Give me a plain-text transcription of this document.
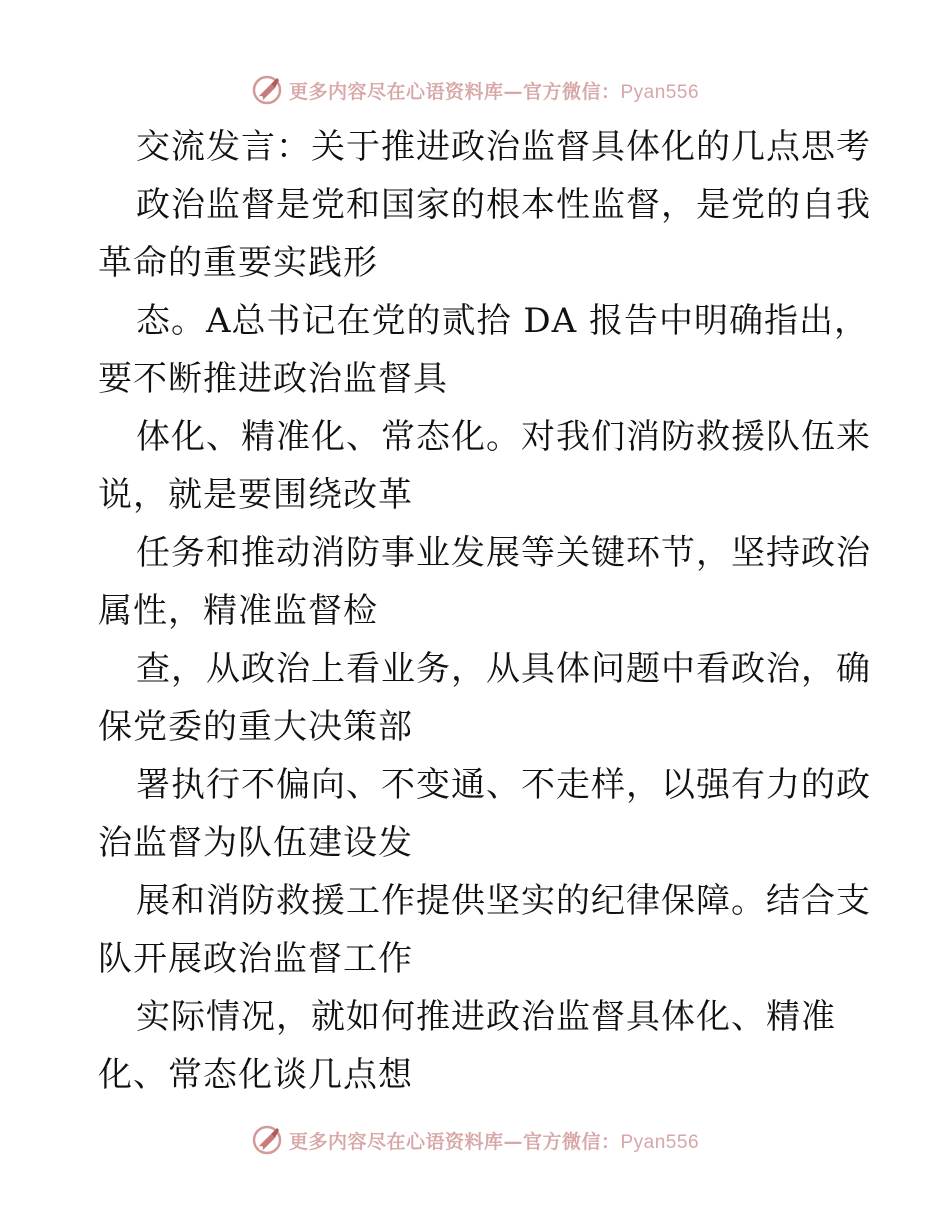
更多内容尽在心语资料库—官方微信：Pyan556
交流发言：关于推进政治监督具体化的几点思考
政治监督是党和国家的根本性监督，是党的自我
革命的重要实践形
态。A总书记在党的贰拾 DA 报告中明确指出，
要不断推进政治监督具
体化、精准化、常态化。对我们消防救援队伍来
说，就是要围绕改革
任务和推动消防事业发展等关键环节，坚持政治
属性，精准监督检
查，从政治上看业务，从具体问题中看政治，确
保党委的重大决策部
署执行不偏向、不变通、不走样，以强有力的政
治监督为队伍建设发
展和消防救援工作提供坚实的纪律保障。结合支
队开展政治监督工作
实际情况，就如何推进政治监督具体化、精准
化、常态化谈几点想
更多内容尽在心语资料库—官方微信：Pyan556
